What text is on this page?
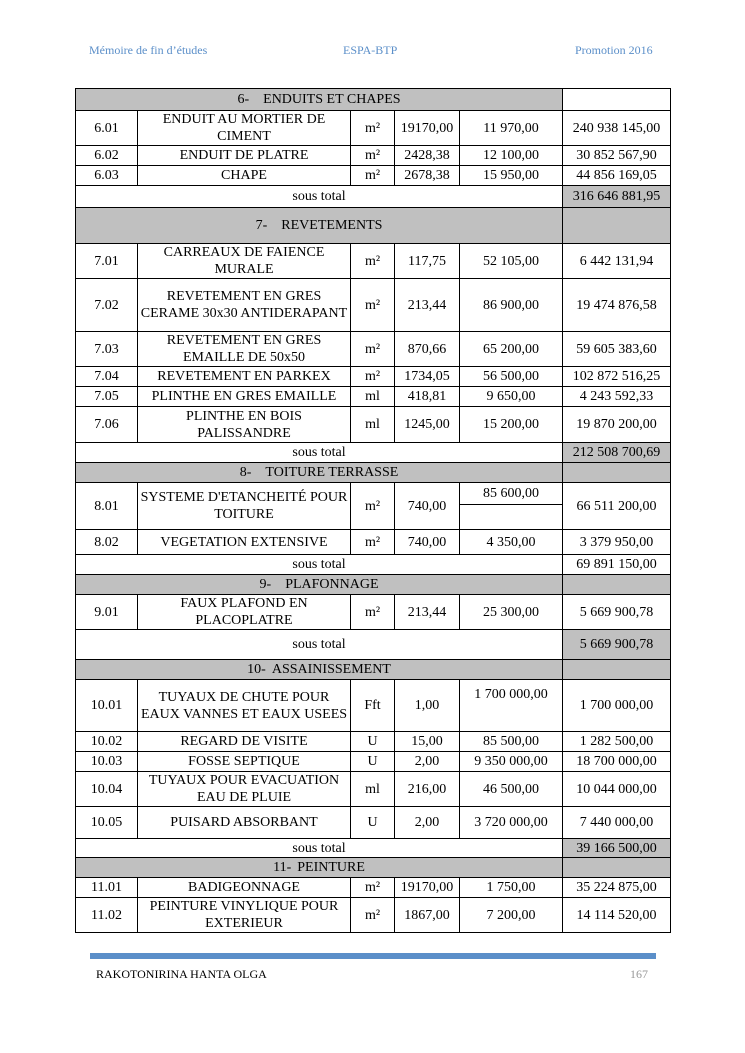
Mémoire de fin d’études	ESPA-BTP	Promotion 2016
6- ENDUITS ET CHAPES					
6.01	ENDUIT AU MORTIER DE CIMENT	m²	19170,00	11 970,00	240 938 145,00
6.02	ENDUIT DE PLATRE	m²	2428,38	12 100,00	30 852 567,90
6.03	CHAPE	m²	2678,38	15 950,00	44 856 169,05
sous total					316 646 881,95
7- REVETEMENTS					
7.01	CARREAUX DE FAIENCE MURALE	m²	117,75	52 105,00	6 442 131,94
7.02	REVETEMENT EN GRES CERAME 30x30 ANTIDERAPANT	m²	213,44	86 900,00	19 474 876,58
7.03	REVETEMENT EN GRES EMAILLE DE 50x50	m²	870,66	65 200,00	59 605 383,60
7.04	REVETEMENT EN PARKEX	m²	1734,05	56 500,00	102 872 516,25
7.05	PLINTHE EN GRES EMAILLE	ml	418,81	9 650,00	4 243 592,33
7.06	PLINTHE EN BOIS PALISSANDRE	ml	1245,00	15 200,00	19 870 200,00
sous total					212 508 700,69
8- TOITURE TERRASSE					
8.01	SYSTEME D'ETANCHEITÉ POUR TOITURE	m²	740,00	85 600,00	66 511 200,00
8.02	VEGETATION EXTENSIVE	m²	740,00	4 350,00	3 379 950,00
sous total					69 891 150,00
9- PLAFONNAGE					
9.01	FAUX PLAFOND EN PLACOPLATRE	m²	213,44	25 300,00	5 669 900,78
sous total					5 669 900,78
10- ASSAINISSEMENT					
10.01	TUYAUX DE CHUTE POUR EAUX VANNES ET EAUX USEES	Fft	1,00	1 700 000,00	1 700 000,00
10.02	REGARD DE VISITE	U	15,00	85 500,00	1 282 500,00
10.03	FOSSE SEPTIQUE	U	2,00	9 350 000,00	18 700 000,00
10.04	TUYAUX POUR EVACUATION EAU DE PLUIE	ml	216,00	46 500,00	10 044 000,00
10.05	PUISARD ABSORBANT	U	2,00	3 720 000,00	7 440 000,00
sous total					39 166 500,00
11- PEINTURE					
11.01	BADIGEONNAGE	m²	19170,00	1 750,00	35 224 875,00
11.02	PEINTURE VINYLIQUE POUR EXTERIEUR	m²	1867,00	7 200,00	14 114 520,00
RAKOTONIRINA HANTA OLGA	167
